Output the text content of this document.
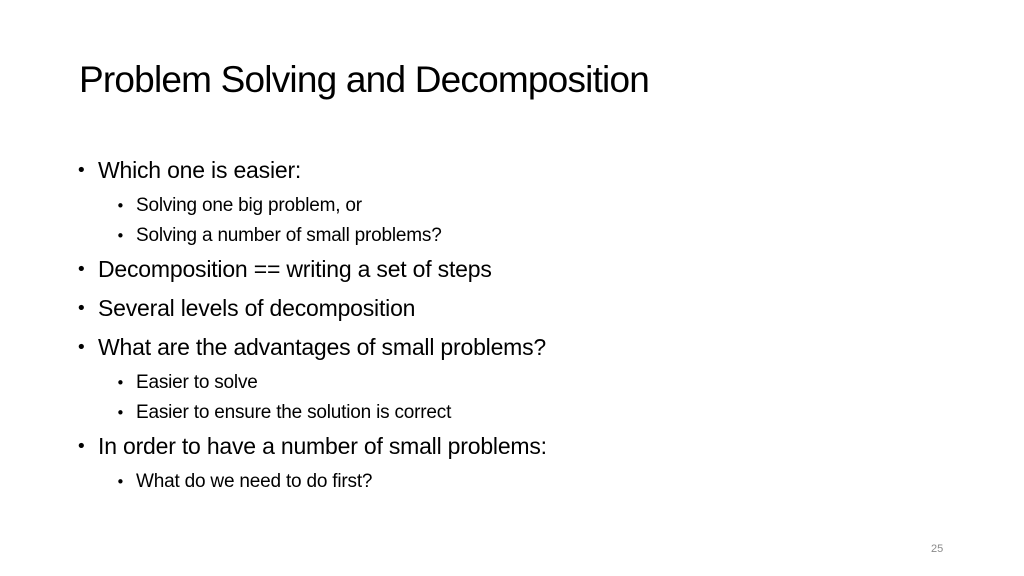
Problem Solving and Decomposition
• Which one is easier:
• Solving one big problem, or
• Solving a number of small problems?
• Decomposition == writing a set of steps
• Several levels of decomposition
• What are the advantages of small problems?
• Easier to solve
• Easier to ensure the solution is correct
• In order to have a number of small problems:
• What do we need to do first?
25
